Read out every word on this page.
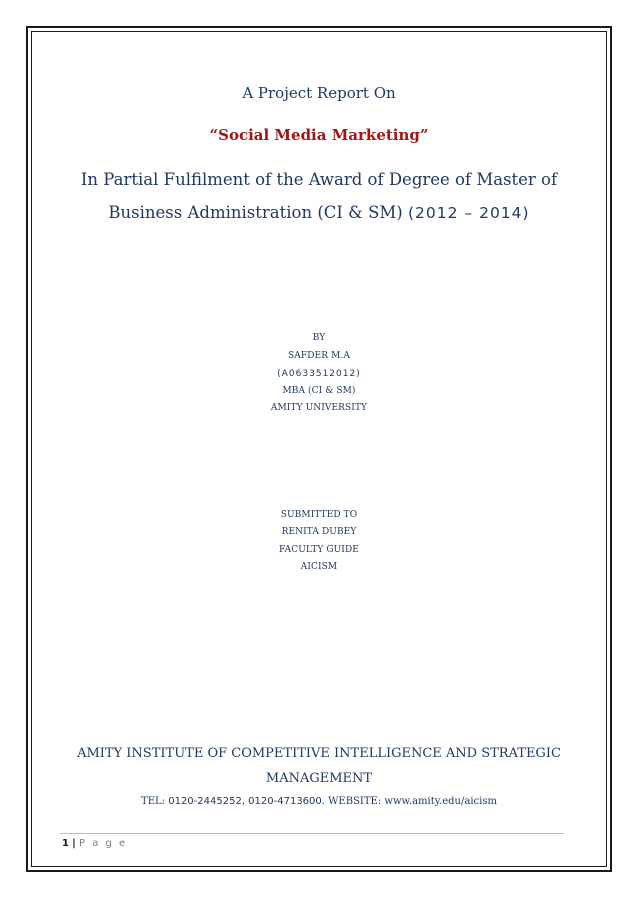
A Project Report On
“Social Media Marketing”
In Partial Fulfilment of the Award of Degree of Master of
Business Administration (CI & SM) (2012 – 2014)
BY
SAFDER M.A
(A0633512012)
MBA (CI & SM)
AMITY UNIVERSITY
SUBMITTED TO
RENITA DUBEY
FACULTY GUIDE
AICISM
AMITY INSTITUTE OF COMPETITIVE INTELLIGENCE AND STRATEGIC
MANAGEMENT
TEL: 0120-2445252, 0120-4713600. WEBSITE: www.amity.edu/aicism
1 | P a g e
